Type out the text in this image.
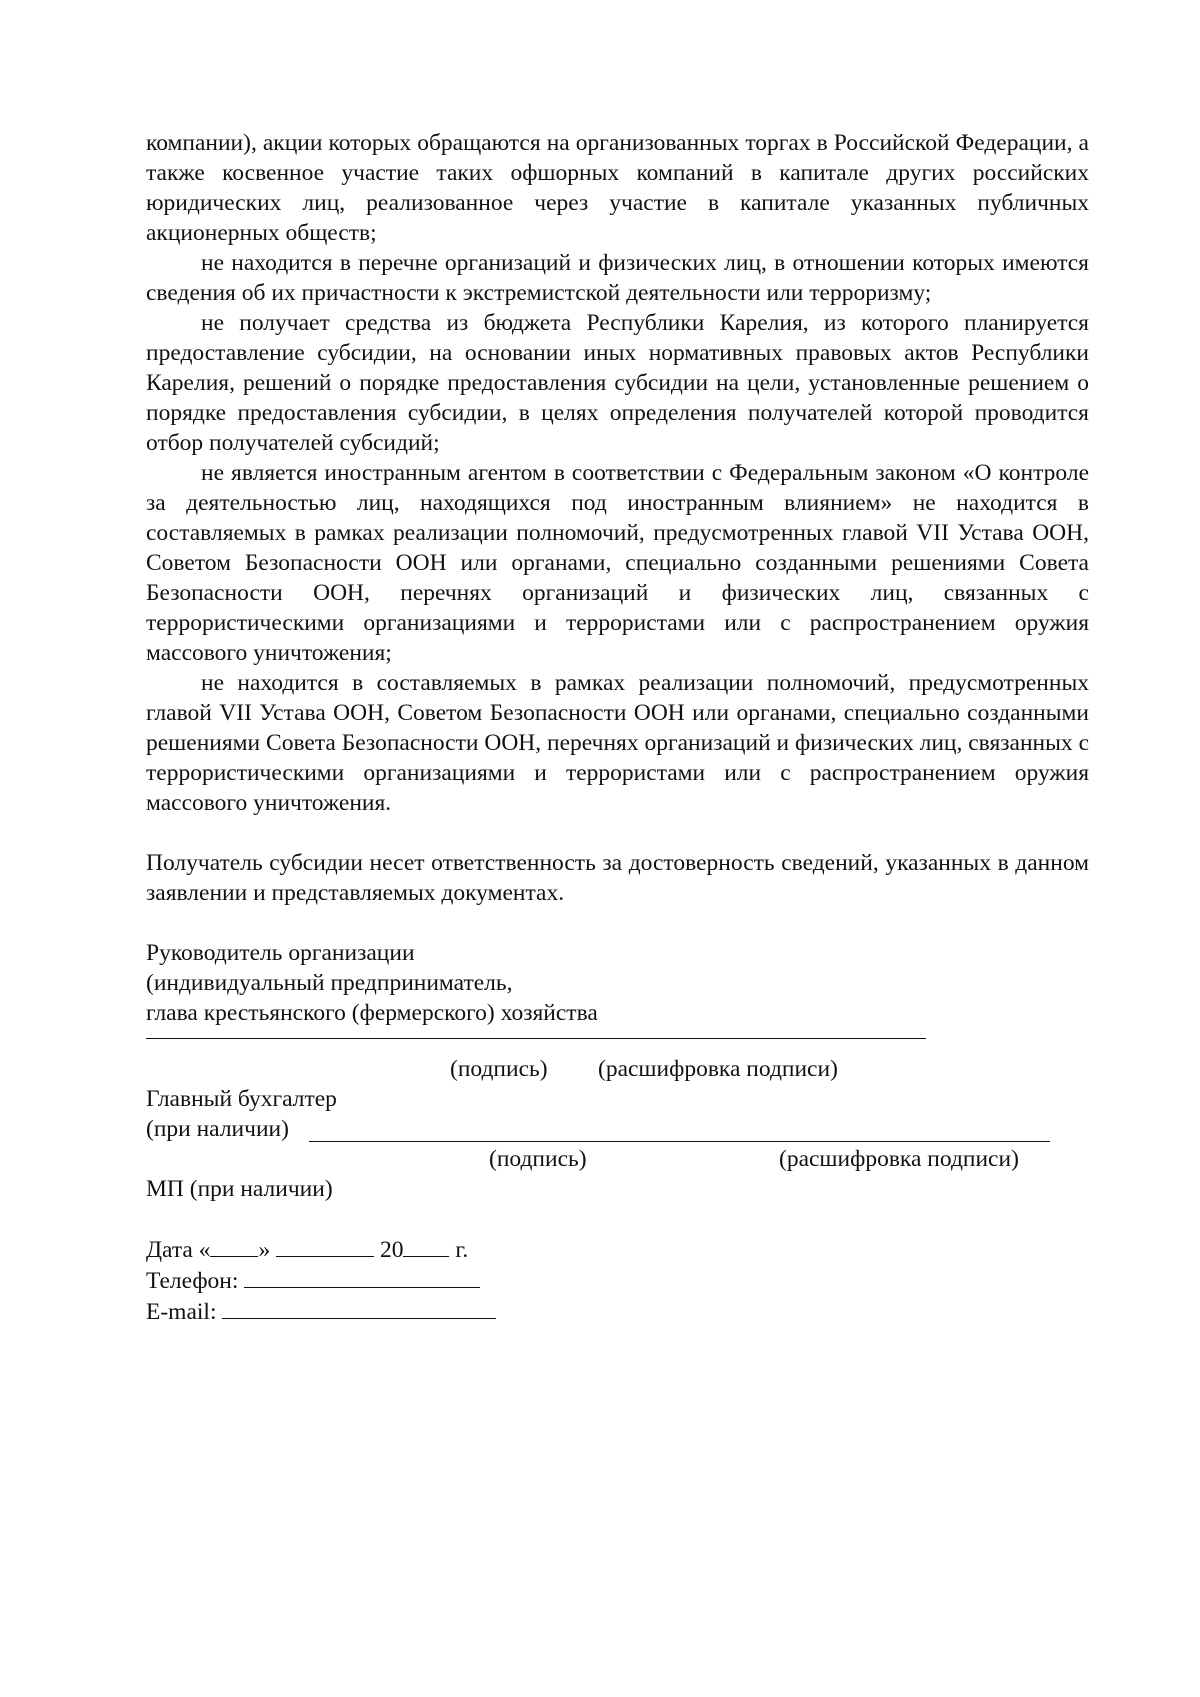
компании), акции которых обращаются на организованных торгах в Российской Федерации, а также косвенное участие таких офшорных компаний в капитале других российских юридических лиц, реализованное через участие в капитале указанных публичных акционерных обществ;

не находится в перечне организаций и физических лиц, в отношении которых имеются сведения об их причастности к экстремистской деятельности или терроризму;

не получает средства из бюджета Республики Карелия, из которого планируется предоставление субсидии, на основании иных нормативных правовых актов Республики Карелия, решений о порядке предоставления субсидии на цели, установленные решением о порядке предоставления субсидии, в целях определения получателей которой проводится отбор получателей субсидий;

не является иностранным агентом в соответствии с Федеральным законом «О контроле за деятельностью лиц, находящихся под иностранным влиянием» не находится в составляемых в рамках реализации полномочий, предусмотренных главой VII Устава ООН, Советом Безопасности ООН или органами, специально созданными решениями Совета Безопасности ООН, перечнях организаций и физических лиц, связанных с террористическими организациями и террористами или с распространением оружия массового уничтожения;

не находится в составляемых в рамках реализации полномочий, предусмотренных главой VII Устава ООН, Советом Безопасности ООН или органами, специально созданными решениями Совета Безопасности ООН, перечнях организаций и физических лиц, связанных с террористическими организациями и террористами или с распространением оружия массового уничтожения.

Получатель субсидии несет ответственность за достоверность сведений, указанных в данном заявлении и представляемых документах.

Руководитель организации
(индивидуальный предприниматель,
глава крестьянского (фермерского) хозяйства
(подпись) (расшифровка подписи)
Главный бухгалтер
(при наличии)
(подпись)	(расшифровка подписи)
МП (при наличии)
Дата « »	20 г.
Телефон:
E-mail:
